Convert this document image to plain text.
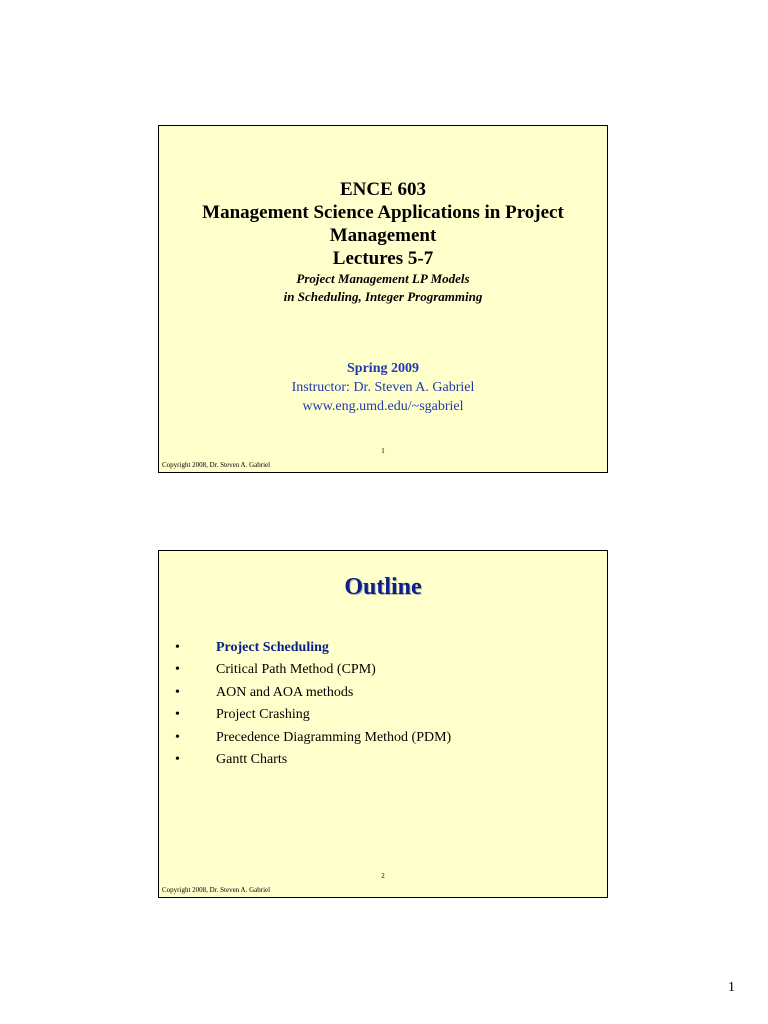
ENCE 603
Management Science Applications in Project
Management
Lectures 5-7
Project Management LP Models
in Scheduling, Integer Programming
Spring 2009
Instructor: Dr. Steven A. Gabriel
www.eng.umd.edu/~sgabriel
1
Copyright 2008, Dr. Steven A. Gabriel
Outline
•	Project Scheduling
•	Critical Path Method (CPM)
•	AON and AOA methods
•	Project Crashing
•	Precedence Diagramming Method (PDM)
•	Gantt Charts
2
Copyright 2008, Dr. Steven A. Gabriel
1
